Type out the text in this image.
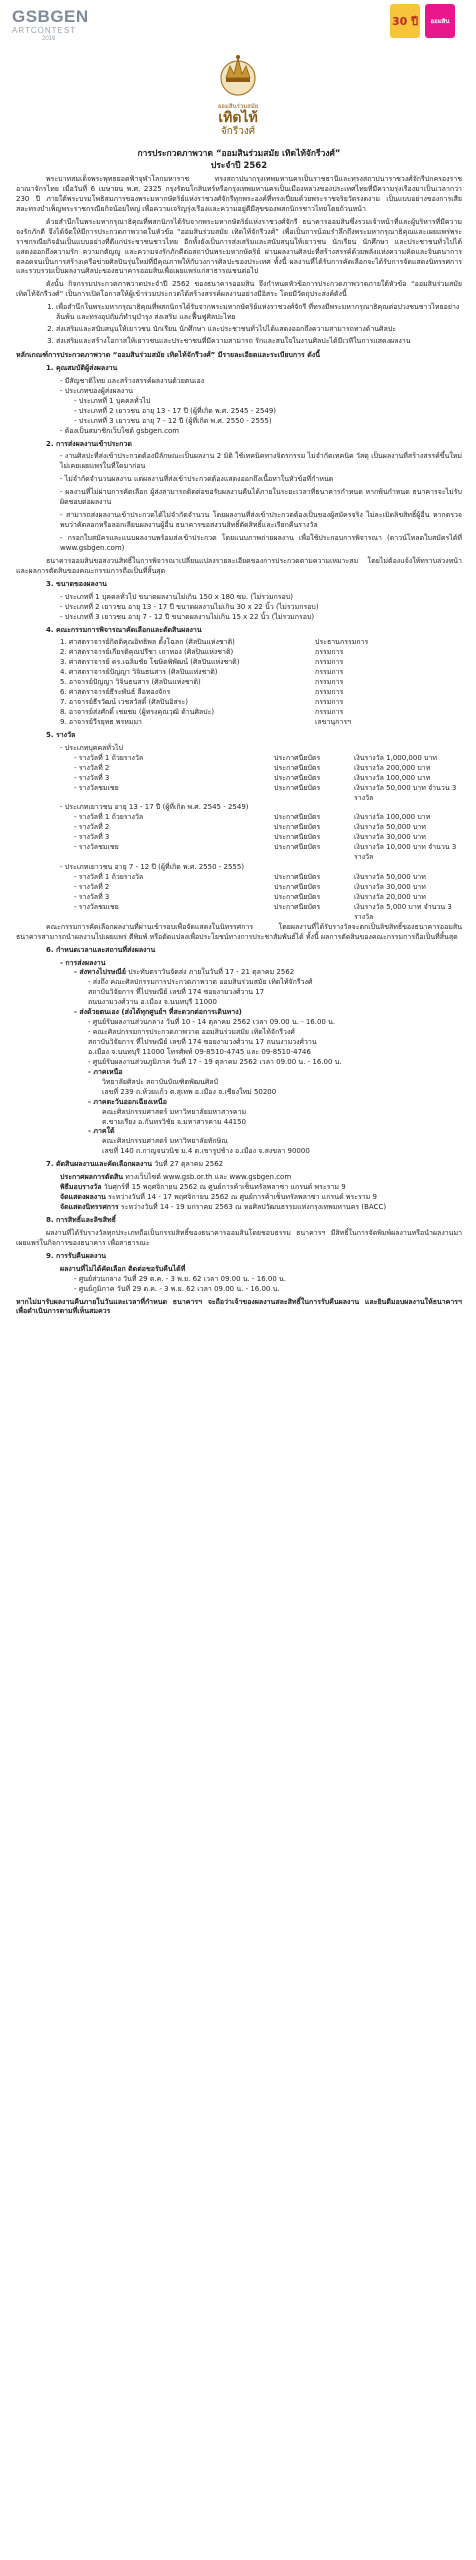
GSBGEN
ARTCONTEST
2019
30 ปี ออมสิน
ออมสินร่วมสมัย
เทิดไท้
จักรีวงศ์
การประกวดภาพวาด “ออมสินร่วมสมัย เทิดไท้จักรีวงศ์”
ประจำปี 2562

พระบาทสมเด็จพระพุทธยอดฟ้าจุฬาโลกมหาราช ทรงสถาปนากรุงเทพมหานครเป็นราชธานีและทรงสถาปนาราชวงศ์จักรีปกครองราชอาณาจักรไทย เมื่อวันที่ 6 เมษายน พ.ศ. 2325 กรุงรัตนโกสินทร์หรือกรุงเทพมหานครเป็นเมืองหลวงของประเทศไทยที่มีความรุ่งเรืองมาเป็นเวลากว่า 230 ปี ภายใต้พระบรมโพธิสมภารของพระมหากษัตริย์แห่งราชวงศ์จักรีทุกพระองค์ที่ทรงเปี่ยมด้วยพระราชจริยวัตรงดงาม เป็นแบบอย่างของการเสียสละทรงบำเพ็ญพระราชกรณียกิจน้อยใหญ่ เพื่อความเจริญรุ่งเรืองและความอยู่ดีมีสุขของพสกนิกรชาวไทยโดยถ้วนหน้า

ด้วยสำนึกในพระมหากรุณาธิคุณที่พสกนิกรได้รับจากพระมหากษัตริย์แห่งราชวงศ์จักรี ธนาคารออมสินซึ่งรวมเจ้าหน้าที่และผู้บริหารที่มีความจงรักภักดี จึงได้จัดให้มีการประกวดภาพวาดในหัวข้อ “ออมสินร่วมสมัย เทิดไท้จักรีวงศ์” เพื่อเป็นการน้อมรำลึกถึงพระมหากรุณาธิคุณและเผยแพร่พระราชกรณียกิจอันเป็นแบบอย่างที่ดีแก่ประชาชนชาวไทย อีกทั้งยังเป็นการส่งเสริมและสนับสนุนให้เยาวชน นักเรียน นักศึกษา และประชาชนทั่วไปได้แสดงออกถึงความรัก ความกตัญญู และความจงรักภักดีต่อสถาบันพระมหากษัตริย์ ผ่านผลงานศิลปะที่สร้างสรรค์ด้วยพลังแห่งความคิดและจินตนาการ ตลอดจนเป็นการสร้างเครือข่ายศิลปินรุ่นใหม่ที่มีคุณภาพให้กับวงการศิลปะของประเทศ ทั้งนี้ ผลงานที่ได้รับการคัดเลือกจะได้รับการจัดแสดงนิทรรศการ และรวบรวมเป็นผลงานศิลปะของธนาคารออมสินเพื่อเผยแพร่แก่สาธารณชนต่อไป

ดังนั้น กิจกรรมประกวดภาพวาดประจำปี 2562 ของธนาคารออมสิน จึงกำหนดหัวข้อการประกวดภาพวาดภายใต้หัวข้อ “ออมสินร่วมสมัย เทิดไท้จักรีวงศ์” เป็นการเปิดโอกาสให้ผู้เข้าร่วมประกวดได้สร้างสรรค์ผลงานอย่างมีอิสระ โดยมีวัตถุประสงค์ดังนี้

1. เพื่อสำนึกในพระมหากรุณาธิคุณที่พสกนิกรได้รับจากพระมหากษัตริย์แห่งราชวงศ์จักรี ที่ทรงมีพระมหากรุณาธิคุณต่อปวงชนชาวไทยอย่าง ล้นพ้น และทรงอุปถัมภ์ทำนุบำรุง ส่งเสริม และฟื้นฟูศิลปะไทย
2. ส่งเสริมและสนับสนุนให้เยาวชน นักเรียน นักศึกษา และประชาชนทั่วไปได้แสดงออกถึงความสามารถทางด้านศิลปะ
3. ส่งเสริมและสร้างโอกาสให้เยาวชนและประชาชนที่มีความสามารถ รักและสนใจในงานศิลปะได้มีเวทีในการแสดงผลงาน

หลักเกณฑ์การประกวดภาพวาด “ออมสินร่วมสมัย เทิดไท้จักรีวงศ์” มีรายละเอียดและระเบียบการ ดังนี้

1. คุณสมบัติผู้ส่งผลงาน
- มีสัญชาติไทย และสร้างสรรค์ผลงานด้วยตนเอง
- ประเภทของผู้ส่งผลงาน
- ประเภทที่ 1 บุคคลทั่วไป
- ประเภทที่ 2 เยาวชน อายุ 13 - 17 ปี (ผู้ที่เกิด พ.ศ. 2545 - 2549)
- ประเภทที่ 3 เยาวชน อายุ 7 - 12 ปี (ผู้ที่เกิด พ.ศ. 2550 - 2555)
- ต้องเป็นสมาชิกเว็บไซต์ gsbgen.com
2. การส่งผลงานเข้าประกวด

- งานศิลปะที่ส่งเข้าประกวดต้องมีลักษณะเป็นผลงาน 2 มิติ ใช้เทคนิคทางจิตรกรรม ไม่จำกัดเทคนิค วัสดุ เป็นผลงานที่สร้างสรรค์ขึ้นใหม่ ไม่เคยเผยแพร่ในที่ใดมาก่อน

- ไม่จำกัดจำนวนผลงาน แต่ผลงานที่ส่งเข้าประกวดต้องแสดงออกถึงเนื้อหาในหัวข้อที่กำหนด

- ผลงานที่ไม่ผ่านการคัดเลือก ผู้ส่งสามารถติดต่อขอรับผลงานคืนได้ภายในระยะเวลาที่ธนาคารกำหนด หากพ้นกำหนด ธนาคารจะไม่รับผิดชอบต่อผลงาน

- สามารถส่งผลงานเข้าประกวดได้ไม่จำกัดจำนวน โดยผลงานที่ส่งเข้าประกวดต้องเป็นของผู้สมัครจริง ไม่ละเมิดลิขสิทธิ์ผู้อื่น หากตรวจพบว่าคัดลอกหรือลอกเลียนผลงานผู้อื่น ธนาคารขอสงวนสิทธิ์ตัดสิทธิ์และเรียกคืนรางวัล

- กรอกใบสมัครและแนบผลงานพร้อมส่งเข้าประกวด โดยแนบภาพถ่ายผลงาน เพื่อใช้ประกอบการพิจารณา (ดาวน์โหลดใบสมัครได้ที่ www.gsbgen.com)

ธนาคารออมสินขอสงวนสิทธิ์ในการพิจารณาเปลี่ยนแปลงรายละเอียดของการประกวดตามความเหมาะสม โดยไม่ต้องแจ้งให้ทราบล่วงหน้า และผลการตัดสินของคณะกรรมการถือเป็นที่สิ้นสุด

3. ขนาดของผลงาน
- ประเภทที่ 1 บุคคลทั่วไป ขนาดผลงานไม่เกิน 150 x 180 ซม. (ไม่รวมกรอบ)
- ประเภทที่ 2 เยาวชน อายุ 13 - 17 ปี ขนาดผลงานไม่เกิน 30 x 22 นิ้ว (ไม่รวมกรอบ)
- ประเภทที่ 3 เยาวชน อายุ 7 - 12 ปี ขนาดผลงานไม่เกิน 15 x 22 นิ้ว (ไม่รวมกรอบ)
4. คณะกรรมการพิจารณาคัดเลือกและตัดสินผลงาน
1. ศาสตราจารย์กิตติคุณอิทธิพล ตั้งโฉลก (ศิลปินแห่งชาติ)	ประธานกรรมการ
2. ศาสตราจารย์เกียรติคุณปรีชา เถาทอง (ศิลปินแห่งชาติ)	กรรมการ
3. ศาสตราจารย์ ดร.เฉลิมชัย โฆษิตพิพัฒน์ (ศิลปินแห่งชาติ)	กรรมการ
4. ศาสตราจารย์ปัญญา วิจินธนสาร (ศิลปินแห่งชาติ)	กรรมการ
5. อาจารย์ปัญญา วิจินธนสาร (ศิลปินแห่งชาติ)	กรรมการ
6. ศาสตราจารย์ธีระพันธ์ ลือทองจักร	กรรมการ
7. อาจารย์ธีรวัฒน์ เวชสวัสดิ์ (ศิลปินอิสระ)	กรรมการ
8. อาจารย์ส่งศักดิ์ เชยชม (ผู้ทรงคุณวุฒิ ด้านศิลปะ)	กรรมการ
9. อาจารย์วีรยุทธ พรหมมา	เลขานุการฯ
5. รางวัล
- ประเภทบุคคลทั่วไป
- รางวัลที่ 1 ถ้วยรางวัล	ประกาศนียบัตร	เงินรางวัล 1,000,000 บาท
- รางวัลที่ 2	ประกาศนียบัตร	เงินรางวัล 200,000 บาท
- รางวัลที่ 3	ประกาศนียบัตร	เงินรางวัล 100,000 บาท
- รางวัลชมเชย	ประกาศนียบัตร	เงินรางวัล 50,000 บาท จำนวน 3 รางวัล
- ประเภทเยาวชน อายุ 13 - 17 ปี (ผู้ที่เกิด พ.ศ. 2545 - 2549)
- รางวัลที่ 1 ถ้วยรางวัล	ประกาศนียบัตร	เงินรางวัล 100,000 บาท
- รางวัลที่ 2	ประกาศนียบัตร	เงินรางวัล 50,000 บาท
- รางวัลที่ 3	ประกาศนียบัตร	เงินรางวัล 30,000 บาท
- รางวัลชมเชย	ประกาศนียบัตร	เงินรางวัล 10,000 บาท จำนวน 3 รางวัล
- ประเภทเยาวชน อายุ 7 - 12 ปี (ผู้ที่เกิด พ.ศ. 2550 - 2555)
- รางวัลที่ 1 ถ้วยรางวัล	ประกาศนียบัตร	เงินรางวัล 50,000 บาท
- รางวัลที่ 2	ประกาศนียบัตร	เงินรางวัล 30,000 บาท
- รางวัลที่ 3	ประกาศนียบัตร	เงินรางวัล 20,000 บาท
- รางวัลชมเชย	ประกาศนียบัตร	เงินรางวัล 5,000 บาท จำนวน 3 รางวัล

คณะกรรมการคัดเลือกผลงานที่ผ่านเข้ารอบเพื่อจัดแสดงในนิทรรศการ โดยผลงานที่ได้รับรางวัลจะตกเป็นลิขสิทธิ์ของธนาคารออมสิน ธนาคารสามารถนำผลงานไปเผยแพร่ ตีพิมพ์ หรือดัดแปลงเพื่อประโยชน์ทางการประชาสัมพันธ์ได้ ทั้งนี้ ผลการตัดสินของคณะกรรมการถือเป็นที่สิ้นสุด

6. กำหนดเวลาและสถานที่ส่งผลงาน
- การส่งผลงาน
- ส่งทางไปรษณีย์ ประทับตราวันจัดส่ง ภายในวันที่ 17 - 21 ตุลาคม 2562
- ส่งถึง คณะศิลปกรรมการประกวดภาพวาด ออมสินร่วมสมัย เทิดไท้จักรีวงศ์
สถาบันวิจัยการ ที่ไปรษณีย์ เลขที่ 174 ซอยงามวงศ์วาน 17
ถนนงามวงศ์วาน อ.เมือง จ.นนทบุรี 11000
- ส่งด้วยตนเอง (ส่งได้ทุกศูนย์ฯ ที่สะดวกต่อการเดินทาง)
- ศูนย์รับผลงานส่วนกลาง วันที่ 10 - 14 ตุลาคม 2562 เวลา 09.00 น. - 16.00 น.
- คณะศิลปกรรมการประกวดภาพวาด ออมสินร่วมสมัย เทิดไท้จักรีวงศ์
สถาบันวิจัยการ ที่ไปรษณีย์ เลขที่ 174 ซอยงามวงศ์วาน 17 ถนนงามวงศ์วาน
อ.เมือง จ.นนทบุรี 11000 โทรศัพท์ 09-8510-4745 และ 09-8510-4746
- ศูนย์รับผลงานส่วนภูมิภาค วันที่ 17 - 19 ตุลาคม 2562 เวลา 09.00 น. - 16.00 น.
- ภาคเหนือ
วิทยาลัยศิลปะ สถาบันบัณฑิตพัฒนศิลป์
เลขที่ 239 ถ.ห้วยแก้ว ต.สุเทพ อ.เมือง จ.เชียงใหม่ 50200
- ภาคตะวันออกเฉียงเหนือ
คณะศิลปกรรมศาสตร์ มหาวิทยาลัยมหาสารคาม
ต.ขามเรียง อ.กันทรวิชัย จ.มหาสารคาม 44150
- ภาคใต้
คณะศิลปกรรมศาสตร์ มหาวิทยาลัยทักษิณ
เลขที่ 140 ถ.กาญจนวนิช ม.4 ต.เขารูปช้าง อ.เมือง จ.สงขลา 90000
7. ตัดสินผลงานและคัดเลือกผลงาน วันที่ 27 ตุลาคม 2562
ประกาศผลการตัดสิน ทางเว็บไซต์ www.gsb.or.th และ www.gsbgen.com
พิธีมอบรางวัล วันศุกร์ที่ 15 พฤศจิกายน 2562 ณ ศูนย์การค้าเซ็นทรัลพลาซา แกรนด์ พระราม 9
จัดแสดงผลงาน ระหว่างวันที่ 14 - 17 พฤศจิกายน 2562 ณ ศูนย์การค้าเซ็นทรัลพลาซา แกรนด์ พระราม 9
จัดแสดงนิทรรศการ ระหว่างวันที่ 14 - 19 มกราคม 2563 ณ หอศิลปวัฒนธรรมแห่งกรุงเทพมหานคร (BACC)
8. การสิทธิ์และลิขสิทธิ์

ผลงานที่ได้รับรางวัลทุกประเภทถือเป็นกรรมสิทธิ์ของธนาคารออมสินโดยชอบธรรม ธนาคารฯ มีสิทธิ์ในการจัดพิมพ์ผลงานหรือนำผลงานมาเผยแพร่ในกิจการของธนาคาร เพื่อสาธารณะ

9. การรับคืนผลงาน
ผลงานที่ไม่ได้คัดเลือก ติดต่อขอรับคืนได้ที่
- ศูนย์ส่วนกลาง วันที่ 29 ต.ค. - 3 พ.ย. 62 เวลา 09.00 น. - 16.00 น.
- ศูนย์ภูมิภาค วันที่ 29 ต.ค. - 3 พ.ย. 62 เวลา 09.00 น. - 16.00 น.

หากไม่มารับผลงานคืนภายในวันและเวลาที่กำหนด ธนาคารฯ จะถือว่าเจ้าของผลงานสละสิทธิ์ในการรับคืนผลงาน และยินดีมอบผลงานให้ธนาคารฯ เพื่อดำเนินการตามที่เห็นสมควร
